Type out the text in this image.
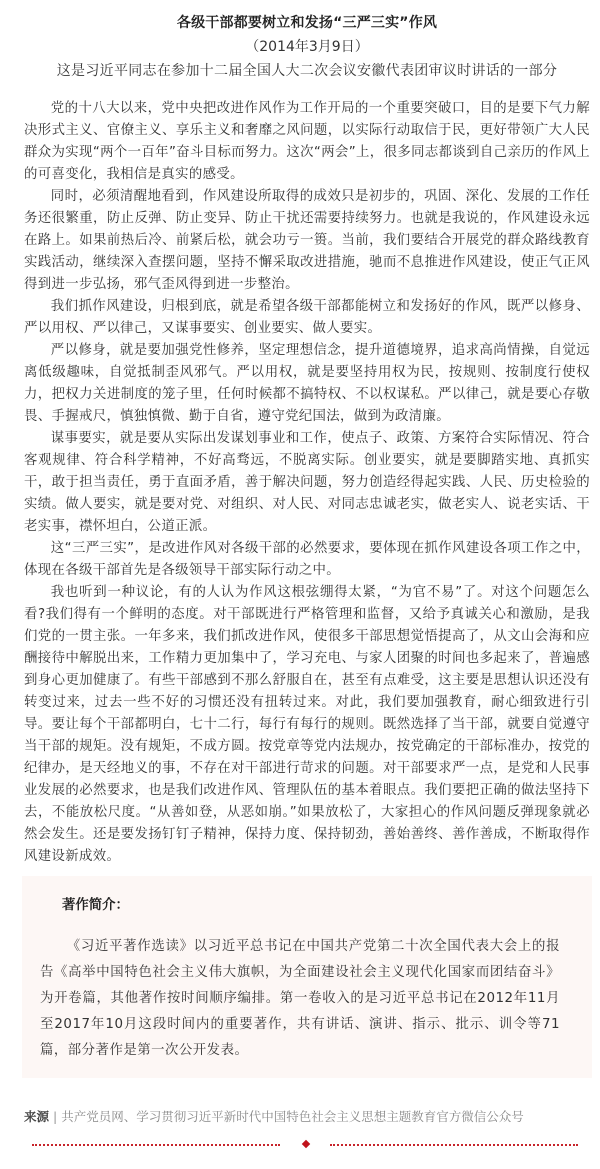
各级干部都要树立和发扬“三严三实”作风
（2014年3月9日）
这是习近平同志在参加十二届全国人大二次会议安徽代表团审议时讲话的一部分

党的十八大以来，党中央把改进作风作为工作开局的一个重要突破口，目的是要下气力解决形式主义、官僚主义、享乐主义和奢靡之风问题，以实际行动取信于民，更好带领广大人民群众为实现“两个一百年”奋斗目标而努力。这次“两会”上，很多同志都谈到自己亲历的作风上的可喜变化，我相信是真实的感受。

同时，必须清醒地看到，作风建设所取得的成效只是初步的，巩固、深化、发展的工作任务还很繁重，防止反弹、防止变异、防止干扰还需要持续努力。也就是我说的，作风建设永远在路上。如果前热后冷、前紧后松，就会功亏一篑。当前，我们要结合开展党的群众路线教育实践活动，继续深入查摆问题，坚持不懈采取改进措施，驰而不息推进作风建设，使正气正风得到进一步弘扬，邪气歪风得到进一步整治。

我们抓作风建设，归根到底，就是希望各级干部都能树立和发扬好的作风，既严以修身、严以用权、严以律己，又谋事要实、创业要实、做人要实。

严以修身，就是要加强党性修养，坚定理想信念，提升道德境界，追求高尚情操，自觉远离低级趣味，自觉抵制歪风邪气。严以用权，就是要坚持用权为民，按规则、按制度行使权力，把权力关进制度的笼子里，任何时候都不搞特权、不以权谋私。严以律己，就是要心存敬畏、手握戒尺，慎独慎微、勤于自省，遵守党纪国法，做到为政清廉。

谋事要实，就是要从实际出发谋划事业和工作，使点子、政策、方案符合实际情况、符合客观规律、符合科学精神，不好高骛远，不脱离实际。创业要实，就是要脚踏实地、真抓实干，敢于担当责任，勇于直面矛盾，善于解决问题，努力创造经得起实践、人民、历史检验的实绩。做人要实，就是要对党、对组织、对人民、对同志忠诚老实，做老实人、说老实话、干老实事，襟怀坦白，公道正派。

这“三严三实”，是改进作风对各级干部的必然要求，要体现在抓作风建设各项工作之中，体现在各级干部首先是各级领导干部实际行动之中。

我也听到一种议论，有的人认为作风这根弦绷得太紧，“为官不易”了。对这个问题怎么看?我们得有一个鲜明的态度。对干部既进行严格管理和监督，又给予真诚关心和激励，是我们党的一贯主张。一年多来，我们抓改进作风，使很多干部思想觉悟提高了，从文山会海和应酬接待中解脱出来，工作精力更加集中了，学习充电、与家人团聚的时间也多起来了，普遍感到身心更加健康了。有些干部感到不那么舒服自在，甚至有点难受，这主要是思想认识还没有转变过来，过去一些不好的习惯还没有扭转过来。对此，我们要加强教育，耐心细致进行引导。要让每个干部都明白，七十二行，每行有每行的规则。既然选择了当干部，就要自觉遵守当干部的规矩。没有规矩，不成方圆。按党章等党内法规办，按党确定的干部标准办，按党的纪律办，是天经地义的事，不存在对干部进行苛求的问题。对干部要求严一点，是党和人民事业发展的必然要求，也是我们改进作风、管理队伍的基本着眼点。我们要把正确的做法坚持下去，不能放松尺度。“从善如登，从恶如崩。”如果放松了，大家担心的作风问题反弹现象就必然会发生。还是要发扬钉钉子精神，保持力度、保持韧劲，善始善终、善作善成，不断取得作风建设新成效。

著作简介：

《习近平著作选读》以习近平总书记在中国共产党第二十次全国代表大会上的报告《高举中国特色社会主义伟大旗帜，为全面建设社会主义现代化国家而团结奋斗》为开卷篇，其他著作按时间顺序编排。第一卷收入的是习近平总书记在2012年11月至2017年10月这段时间内的重要著作，共有讲话、演讲、指示、批示、训令等71篇，部分著作是第一次公开发表。

来源 | 共产党员网、学习贯彻习近平新时代中国特色社会主义思想主题教育官方微信公众号
